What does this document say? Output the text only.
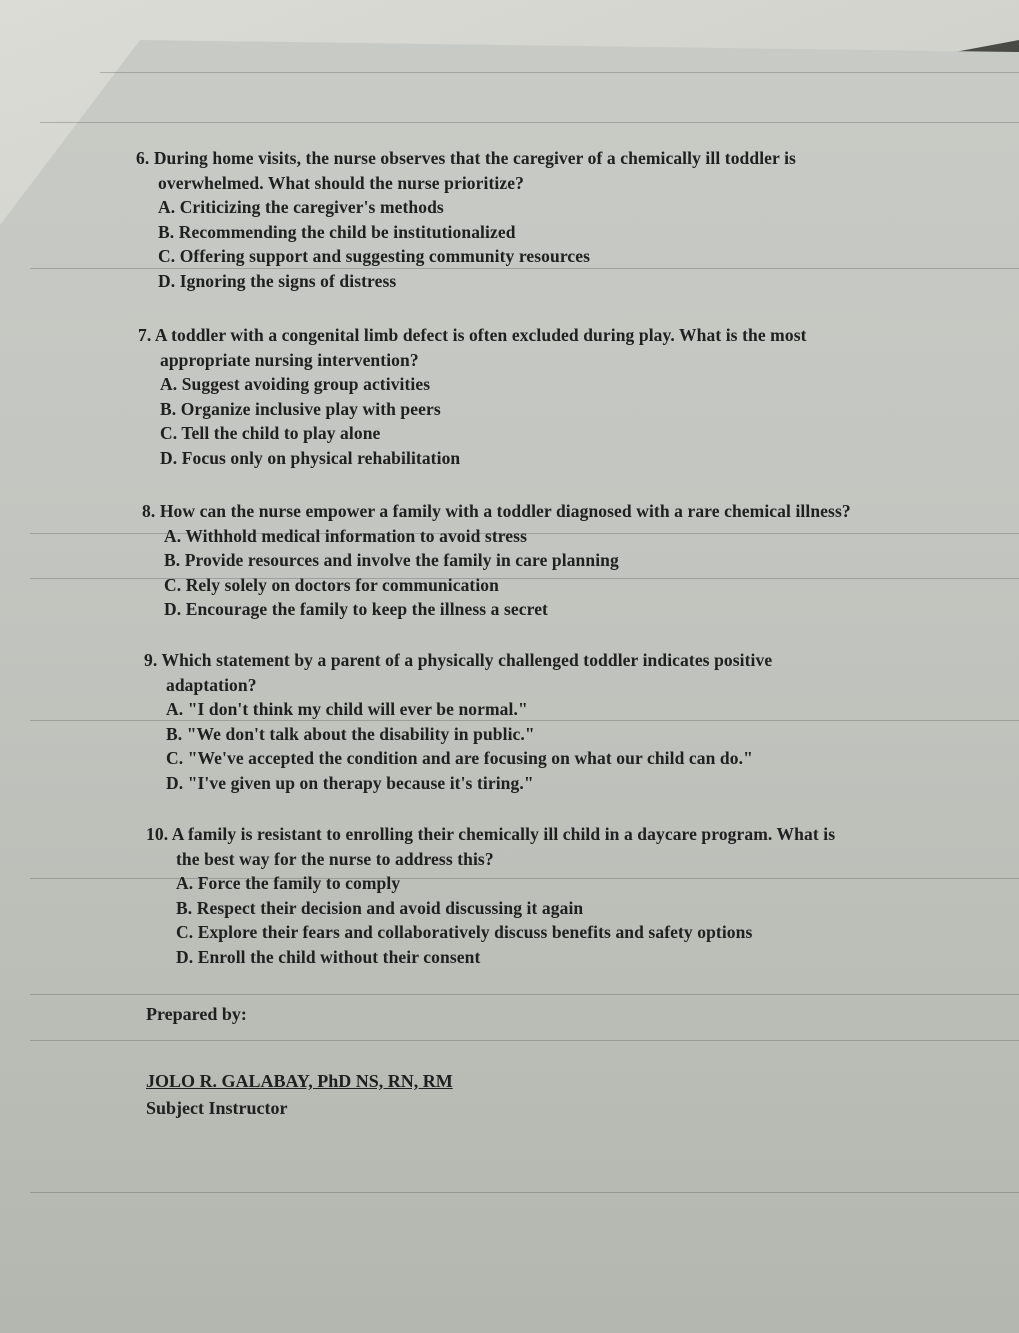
6. During home visits, the nurse observes that the caregiver of a chemically ill toddler is
overwhelmed. What should the nurse prioritize?
A. Criticizing the caregiver's methods
B. Recommending the child be institutionalized
C. Offering support and suggesting community resources
D. Ignoring the signs of distress
7. A toddler with a congenital limb defect is often excluded during play. What is the most
appropriate nursing intervention?
A. Suggest avoiding group activities
B. Organize inclusive play with peers
C. Tell the child to play alone
D. Focus only on physical rehabilitation
8. How can the nurse empower a family with a toddler diagnosed with a rare chemical illness?
A. Withhold medical information to avoid stress
B. Provide resources and involve the family in care planning
C. Rely solely on doctors for communication
D. Encourage the family to keep the illness a secret
9. Which statement by a parent of a physically challenged toddler indicates positive
adaptation?
A. "I don't think my child will ever be normal."
B. "We don't talk about the disability in public."
C. "We've accepted the condition and are focusing on what our child can do."
D. "I've given up on therapy because it's tiring."
10. A family is resistant to enrolling their chemically ill child in a daycare program. What is
the best way for the nurse to address this?
A. Force the family to comply
B. Respect their decision and avoid discussing it again
C. Explore their fears and collaboratively discuss benefits and safety options
D. Enroll the child without their consent
Prepared by:
JOLO R. GALABAY, PhD NS, RN, RM
Subject Instructor
